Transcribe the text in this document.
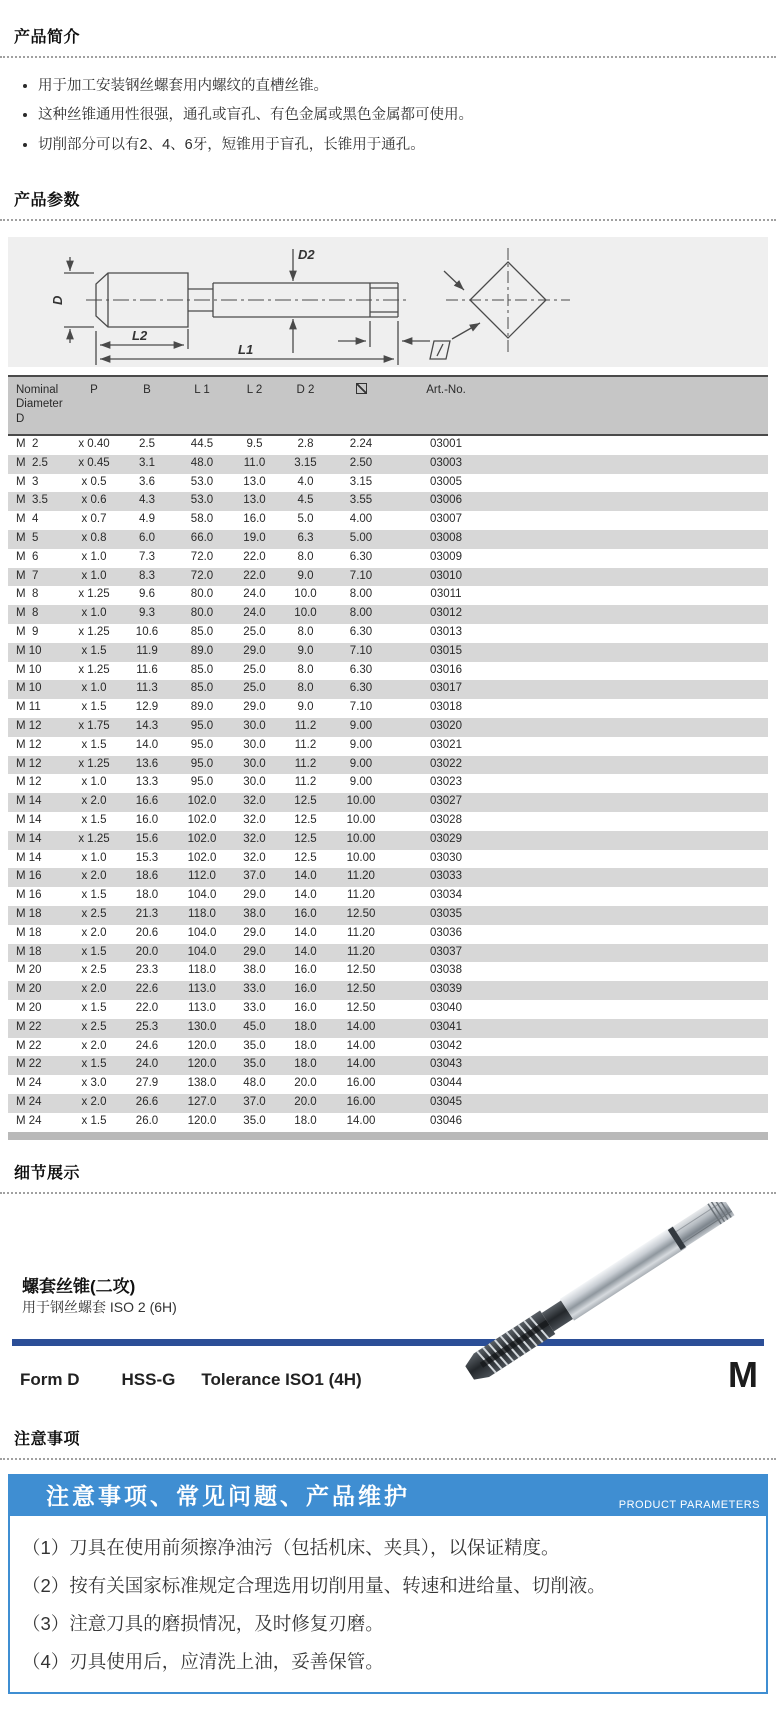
产品简介
• 用于加工安装钢丝螺套用内螺纹的直槽丝锥。
• 这种丝锥通用性很强，通孔或盲孔、有色金属或黑色金属都可使用。
• 切削部分可以有2、4、6牙，短锥用于盲孔，长锥用于通孔。
产品参数
D
D2
L2
L1
Nominal Diameter D	P	B	L 1	L 2	D 2		Art.-No.	
M  2	x 0.40	2.5	44.5	9.5	2.8	2.24	03001	
M  2.5	x 0.45	3.1	48.0	11.0	3.15	2.50	03003	
M  3	x 0.5	3.6	53.0	13.0	4.0	3.15	03005	
M  3.5	x 0.6	4.3	53.0	13.0	4.5	3.55	03006	
M  4	x 0.7	4.9	58.0	16.0	5.0	4.00	03007	
M  5	x 0.8	6.0	66.0	19.0	6.3	5.00	03008	
M  6	x 1.0	7.3	72.0	22.0	8.0	6.30	03009	
M  7	x 1.0	8.3	72.0	22.0	9.0	7.10	03010	
M  8	x 1.25	9.6	80.0	24.0	10.0	8.00	03011	
M  8	x 1.0	9.3	80.0	24.0	10.0	8.00	03012	
M  9	x 1.25	10.6	85.0	25.0	8.0	6.30	03013	
M 10	x 1.5	11.9	89.0	29.0	9.0	7.10	03015	
M 10	x 1.25	11.6	85.0	25.0	8.0	6.30	03016	
M 10	x 1.0	11.3	85.0	25.0	8.0	6.30	03017	
M 11	x 1.5	12.9	89.0	29.0	9.0	7.10	03018	
M 12	x 1.75	14.3	95.0	30.0	11.2	9.00	03020	
M 12	x 1.5	14.0	95.0	30.0	11.2	9.00	03021	
M 12	x 1.25	13.6	95.0	30.0	11.2	9.00	03022	
M 12	x 1.0	13.3	95.0	30.0	11.2	9.00	03023	
M 14	x 2.0	16.6	102.0	32.0	12.5	10.00	03027	
M 14	x 1.5	16.0	102.0	32.0	12.5	10.00	03028	
M 14	x 1.25	15.6	102.0	32.0	12.5	10.00	03029	
M 14	x 1.0	15.3	102.0	32.0	12.5	10.00	03030	
M 16	x 2.0	18.6	112.0	37.0	14.0	11.20	03033	
M 16	x 1.5	18.0	104.0	29.0	14.0	11.20	03034	
M 18	x 2.5	21.3	118.0	38.0	16.0	12.50	03035	
M 18	x 2.0	20.6	104.0	29.0	14.0	11.20	03036	
M 18	x 1.5	20.0	104.0	29.0	14.0	11.20	03037	
M 20	x 2.5	23.3	118.0	38.0	16.0	12.50	03038	
M 20	x 2.0	22.6	113.0	33.0	16.0	12.50	03039	
M 20	x 1.5	22.0	113.0	33.0	16.0	12.50	03040	
M 22	x 2.5	25.3	130.0	45.0	18.0	14.00	03041	
M 22	x 2.0	24.6	120.0	35.0	18.0	14.00	03042	
M 22	x 1.5	24.0	120.0	35.0	18.0	14.00	03043	
M 24	x 3.0	27.9	138.0	48.0	20.0	16.00	03044	
M 24	x 2.0	26.6	127.0	37.0	20.0	16.00	03045	
M 24	x 1.5	26.0	120.0	35.0	18.0	14.00	03046	
细节展示
螺套丝锥(二攻)
用于钢丝螺套 ISO 2 (6H)
Form D HSS-G Tolerance ISO1 (4H)	M
注意事项
注意事项、常见问题、产品维护	PRODUCT PARAMETERS

（1）刀具在使用前须擦净油污（包括机床、夹具），以保证精度。

（2）按有关国家标准规定合理选用切削用量、转速和进给量、切削液。

（3）注意刀具的磨损情况，及时修复刃磨。

（4）刃具使用后，应清洗上油，妥善保管。
